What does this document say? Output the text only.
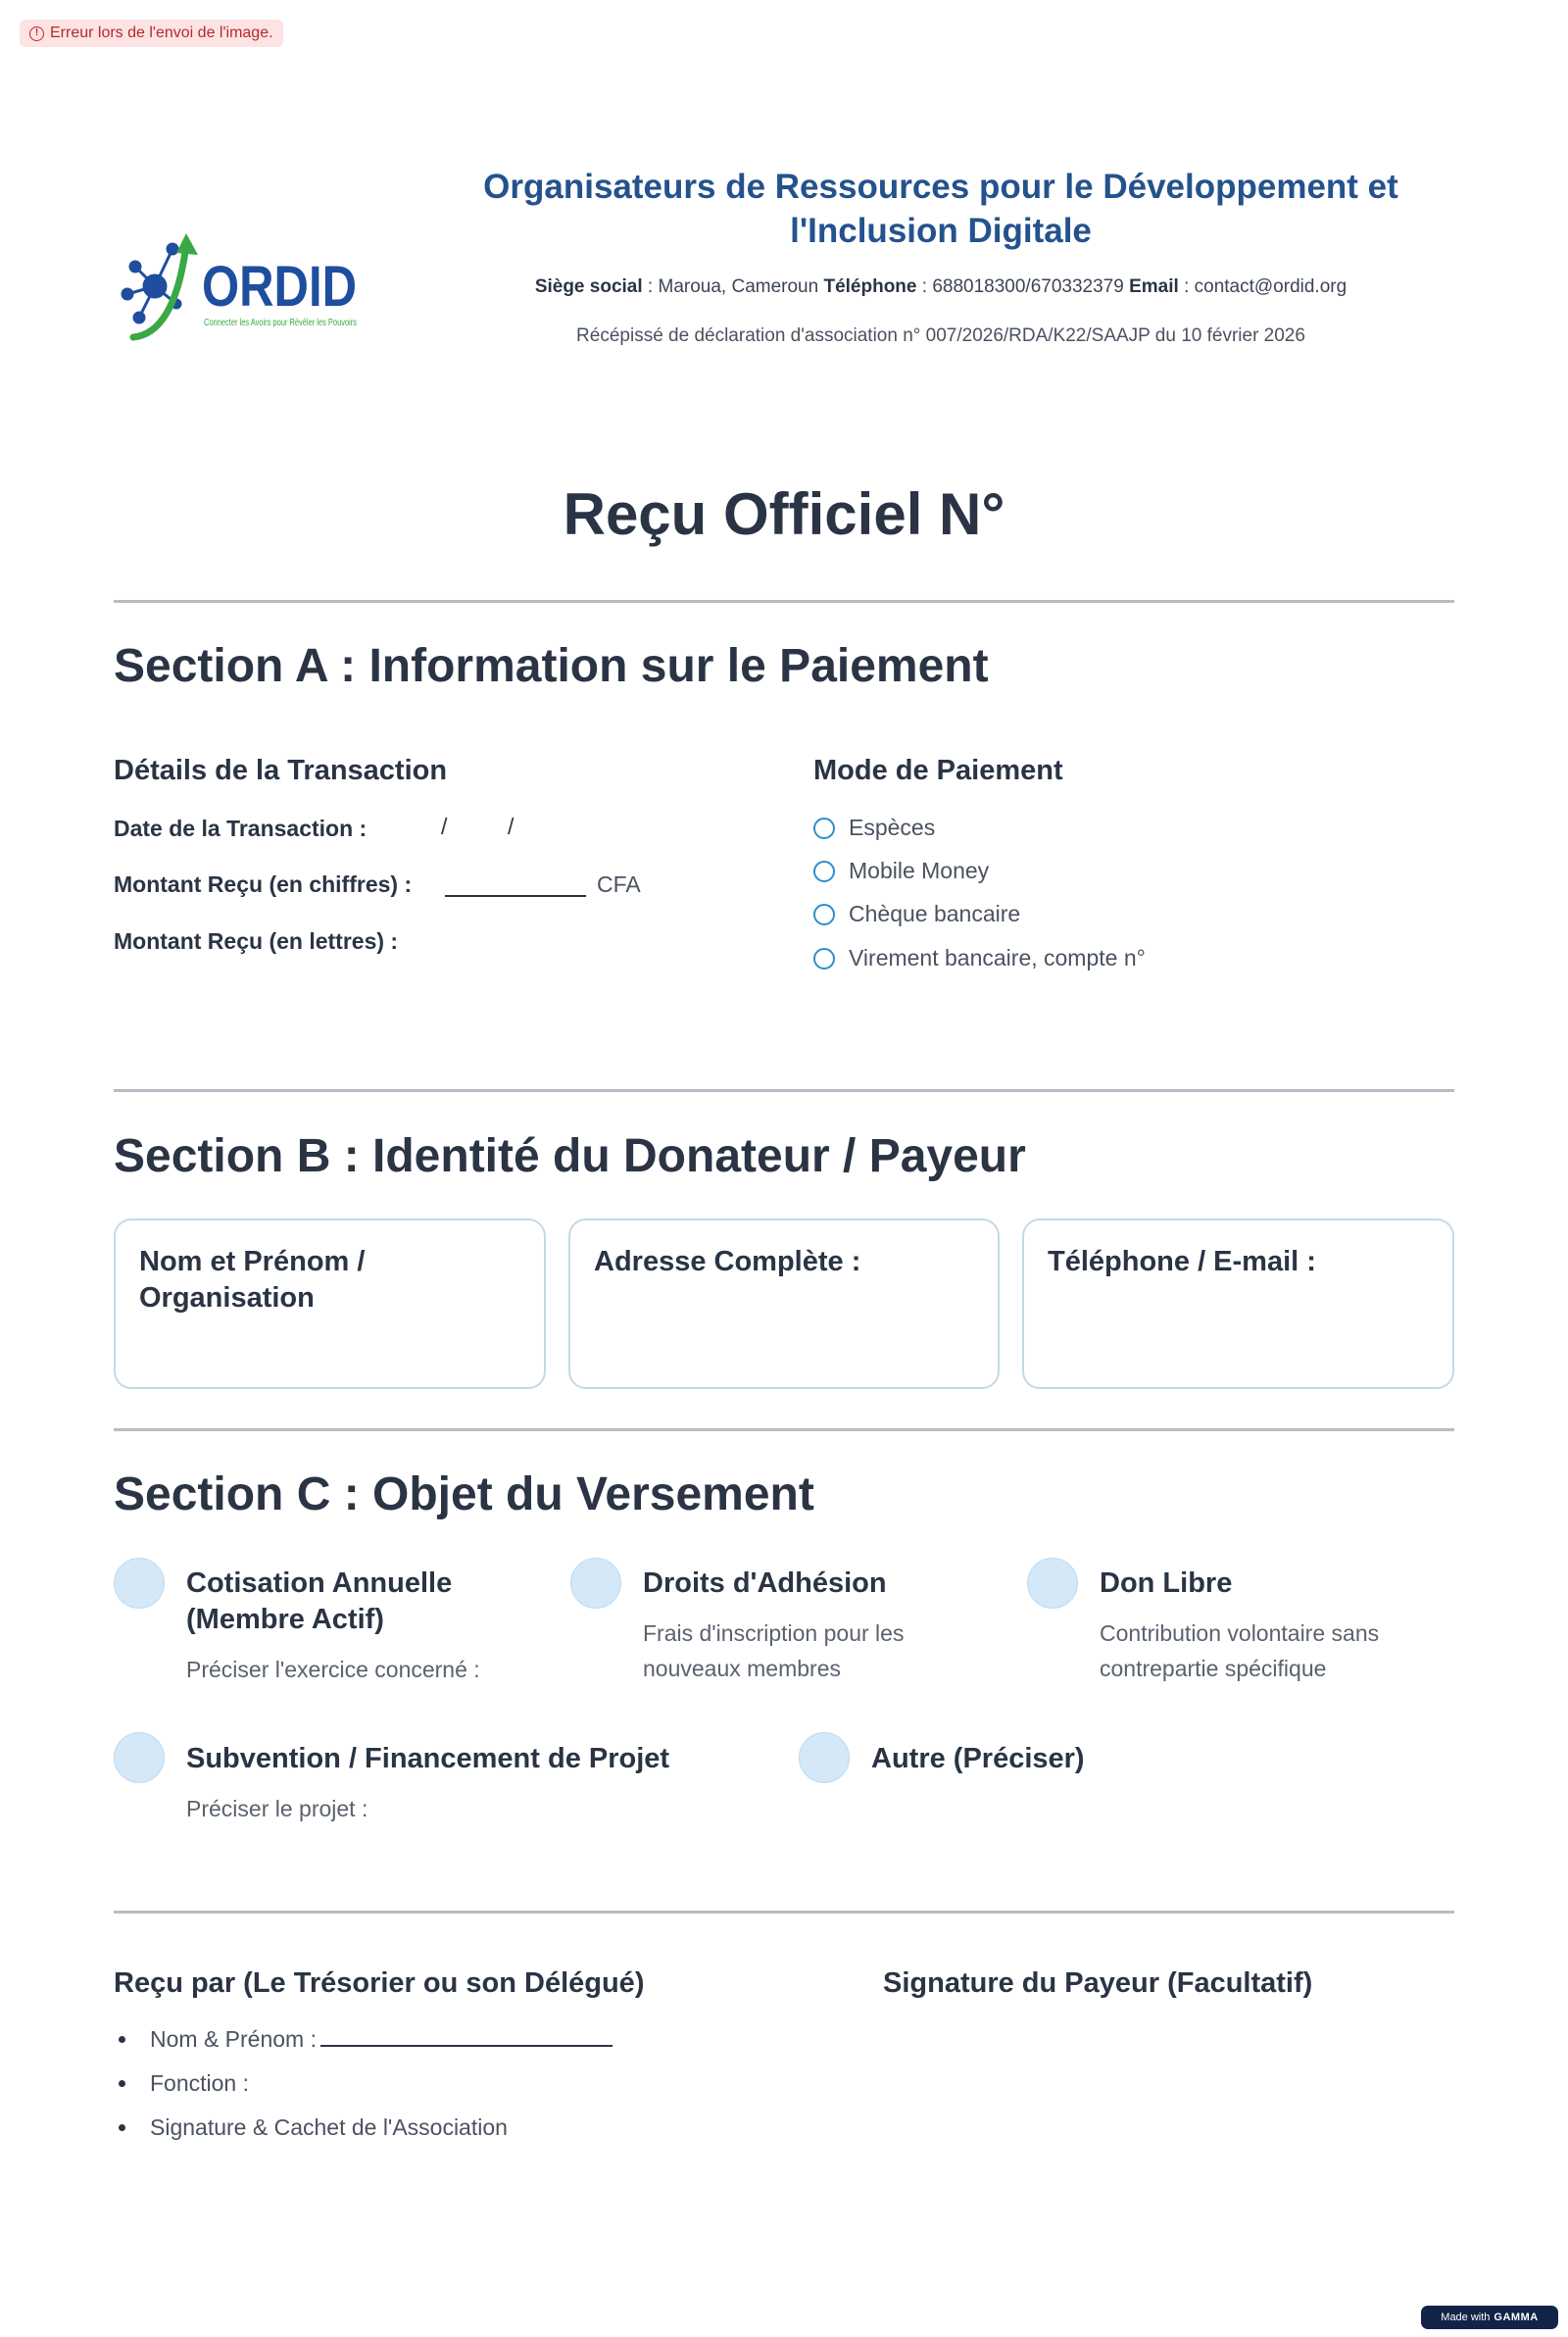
! Erreur lors de l'envoi de l'image.
ORDID
Connecter les Avoirs pour Révéler les Pouvoirs
Organisateurs de Ressources pour le Développement et l'Inclusion Digitale
Siège social : Maroua, Cameroun Téléphone : 688018300/670332379 Email : contact@ordid.org
Récépissé de déclaration d'association n° 007/2026/RDA/K22/SAAJP du 10 février 2026
Reçu Officiel N°
Section A : Information sur le Paiement
Détails de la Transaction
Date de la Transaction :	/	/
Montant Reçu (en chiffres) :	CFA
Montant Reçu (en lettres) :
Mode de Paiement
Espèces
Mobile Money
Chèque bancaire
Virement bancaire, compte n°
Section B : Identité du Donateur / Payeur
Nom et Prénom / Organisation
Adresse Complète :	Téléphone / E-mail :
Section C : Objet du Versement
Cotisation Annuelle (Membre Actif)
Préciser l'exercice concerné :
Droits d'Adhésion
Frais d'inscription pour les nouveaux membres
Don Libre
Contribution volontaire sans contrepartie spécifique
Subvention / Financement de Projet
Préciser le projet :
Autre (Préciser)
Reçu par (Le Trésorier ou son Délégué)
Nom & Prénom :
Fonction :
Signature & Cachet de l'Association
Signature du Payeur (Facultatif)
Made with GAMMA
